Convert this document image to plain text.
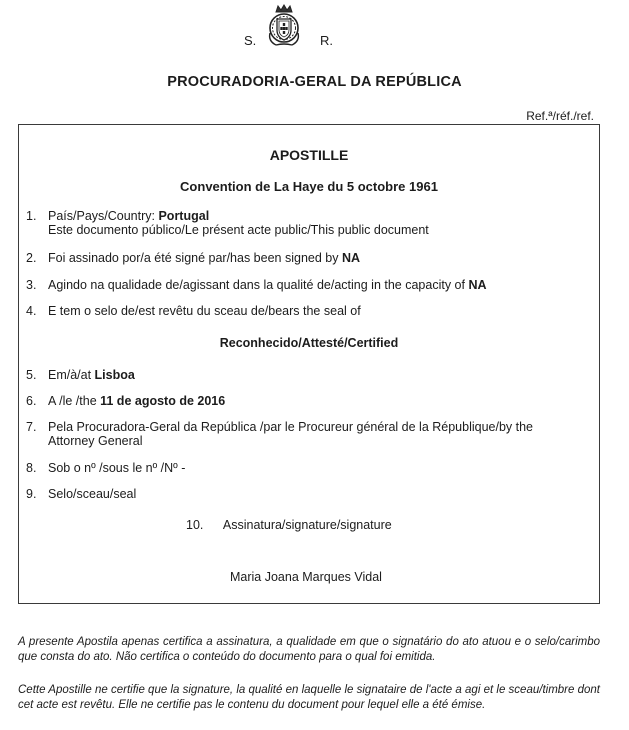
S.	R.
PROCURADORIA-GERAL DA REPÚBLICA
Ref.ª/réf./ref.
APOSTILLE
Convention de La Haye du 5 octobre 1961
1. País/Pays/Country: Portugal
Este documento público/Le présent acte public/This public document
2. Foi assinado por/a été signé par/has been signed by NA
3. Agindo na qualidade de/agissant dans la qualité de/acting in the capacity of NA
4. E tem o selo de/est revêtu du sceau de/bears the seal of
Reconhecido/Attesté/Certified
5. Em/à/at Lisboa
6. A /le /the 11 de agosto de 2016
7. Pela Procuradora-Geral da República /par le Procureur général de la République/by the
Attorney General
8. Sob o nº /sous le nº /Nº -
9. Selo/sceau/seal
10. Assinatura/signature/signature
Maria Joana Marques Vidal
A presente Apostila apenas certifica a assinatura, a qualidade em que o signatário do ato atuou e o selo/carimbo que consta do ato. Não certifica o conteúdo do documento para o qual foi emitida.
Cette Apostille ne certifie que la signature, la qualité en laquelle le signataire de l'acte a agi et le sceau/timbre dont cet acte est revêtu. Elle ne certifie pas le contenu du document pour lequel elle a été émise.
